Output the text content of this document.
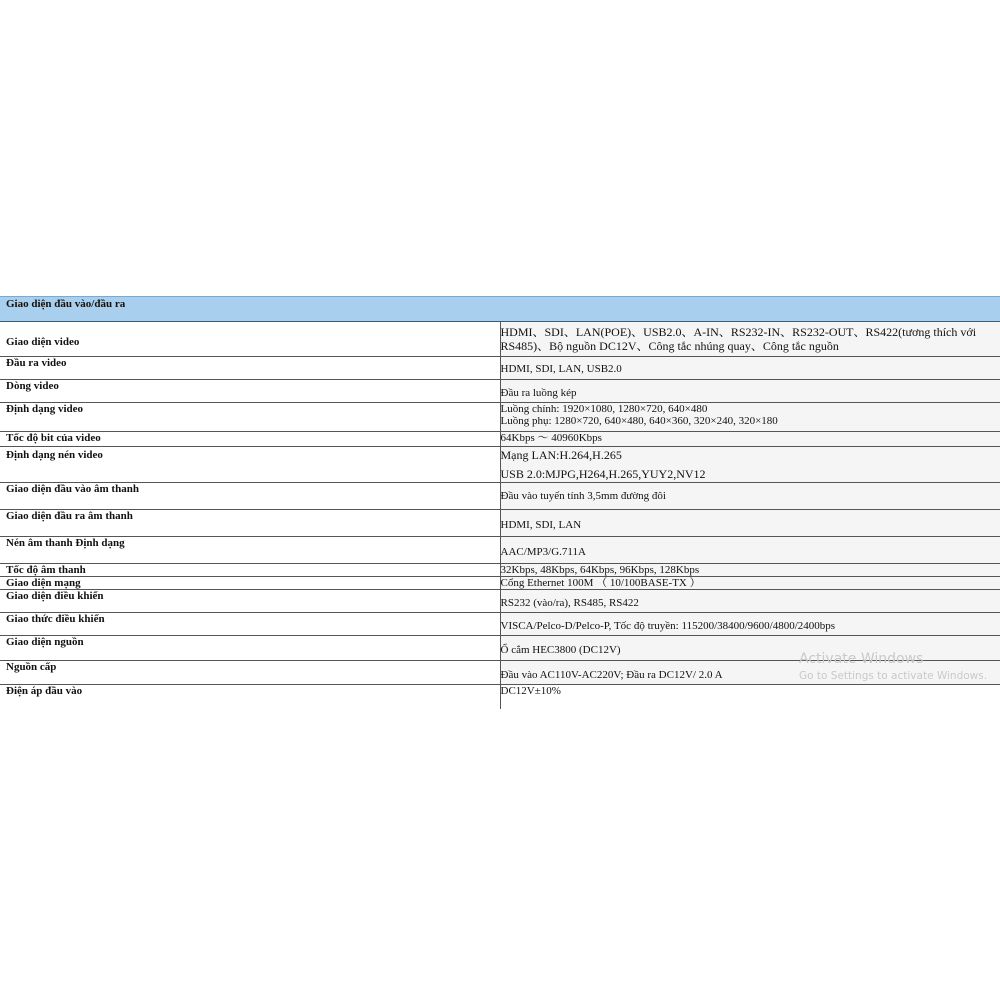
Giao diện đầu vào/đầu ra	
Giao diện video	HDMI、SDI、LAN(POE)、USB2.0、A-IN、RS232-IN、RS232-OUT、RS422(tương thích với RS485)、Bộ nguồn DC12V、Công tắc nhúng quay、Công tắc nguồn

Đầu ra video	HDMI, SDI, LAN, USB2.0

Dòng video	Đầu ra luồng kép

Định dạng video	Luồng chính: 1920×1080, 1280×720, 640×480
Luồng phụ: 1280×720, 640×480, 640×360, 320×240, 320×180

Tốc độ bit của video	64Kbps ～ 40960Kbps

Định dạng nén video	Mạng LAN:H.264,H.265
USB 2.0:MJPG,H264,H.265,YUY2,NV12

Giao diện đầu vào âm thanh	Đầu vào tuyến tính 3,5mm đường đôi

Giao diện đầu ra âm thanh	HDMI, SDI, LAN

Nén âm thanh Định dạng	AAC/MP3/G.711A

Tốc độ âm thanh	32Kbps, 48Kbps, 64Kbps, 96Kbps, 128Kbps

Giao diện mạng	Cổng Ethernet 100M （ 10/100BASE-TX ）

Giao diện điều khiển	RS232 (vào/ra), RS485, RS422

Giao thức điều khiển	VISCA/Pelco-D/Pelco-P, Tốc độ truyền: 115200/38400/9600/4800/2400bps

Giao diện nguồn	Ổ cắm HEC3800 (DC12V)

Nguồn cấp	Đầu vào AC110V-AC220V; Đầu ra DC12V/ 2.0 A

Điện áp đầu vào	DC12V±10%
Activate Windows
Go to Settings to activate Windows.
